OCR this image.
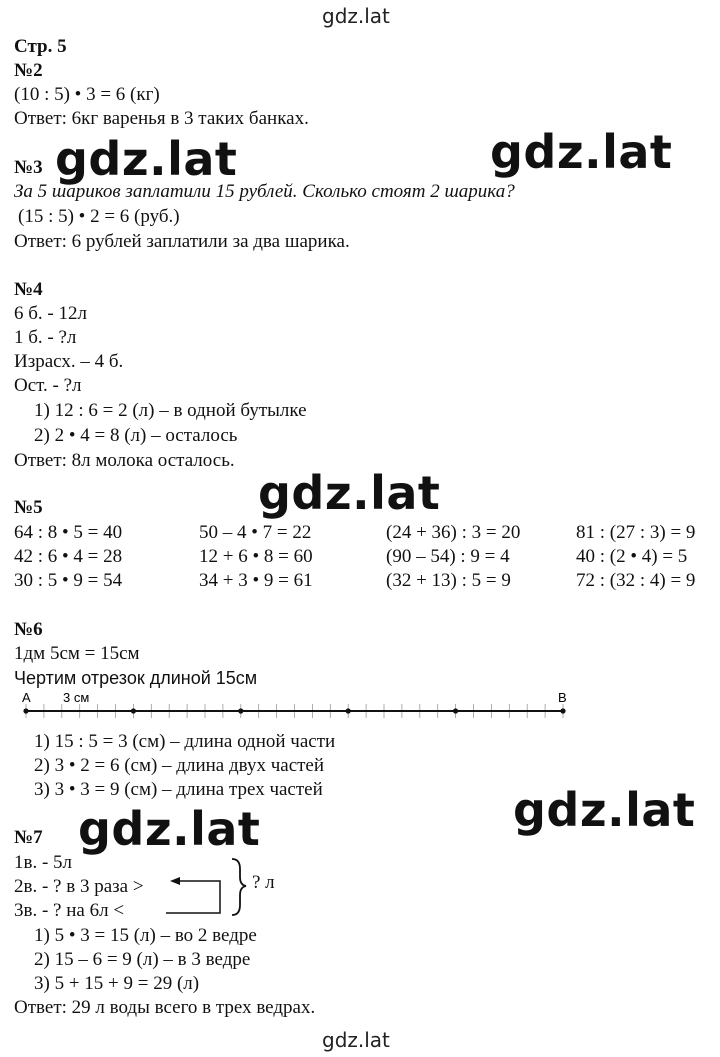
gdz.lat
gdz.lat
gdz.lat	gdz.lat
gdz.lat
gdz.lat
gdz.lat
Стр. 5
№2
(10 : 5) • 3 = 6 (кг)
Ответ: 6кг варенья в 3 таких банках.
№3
За 5 шариков заплатили 15 рублей. Сколько стоят 2 шарика?
(15 : 5) • 2 = 6 (руб.)
Ответ: 6 рублей заплатили за два шарика.
№4
6 б. - 12л
1 б. - ?л
Израсх. – 4 б.
Ост. - ?л
1) 12 : 6 = 2 (л) – в одной бутылке
2) 2 • 4 = 8 (л) – осталось
Ответ: 8л молока осталось.
№5
64 : 8 • 5 = 40
42 : 6 • 4 = 28
30 : 5 • 9 = 54
50 – 4 • 7 = 22
12 + 6 • 8 = 60
34 + 3 • 9 = 61
(24 + 36) : 3 = 20
(90 – 54) : 9 = 4
(32 + 13) : 5 = 9
81 : (27 : 3) = 9
40 : (2 • 4) = 5
72 : (32 : 4) = 9
№6
1дм 5см = 15см
Чертим отрезок длиной 15см
A	B
3 см
1) 15 : 5 = 3 (см) – длина одной части
2) 3 • 2 = 6 (см) – длина двух частей
3) 3 • 3 = 9 (см) – длина трех частей
№7
1в. - 5л
2в. - ? в 3 раза >
3в. - ? на 6л <
? л
1) 5 • 3 = 15 (л) – во 2 ведре
2) 15 – 6 = 9 (л) – в 3 ведре
3) 5 + 15 + 9 = 29 (л)
Ответ: 29 л воды всего в трех ведрах.
